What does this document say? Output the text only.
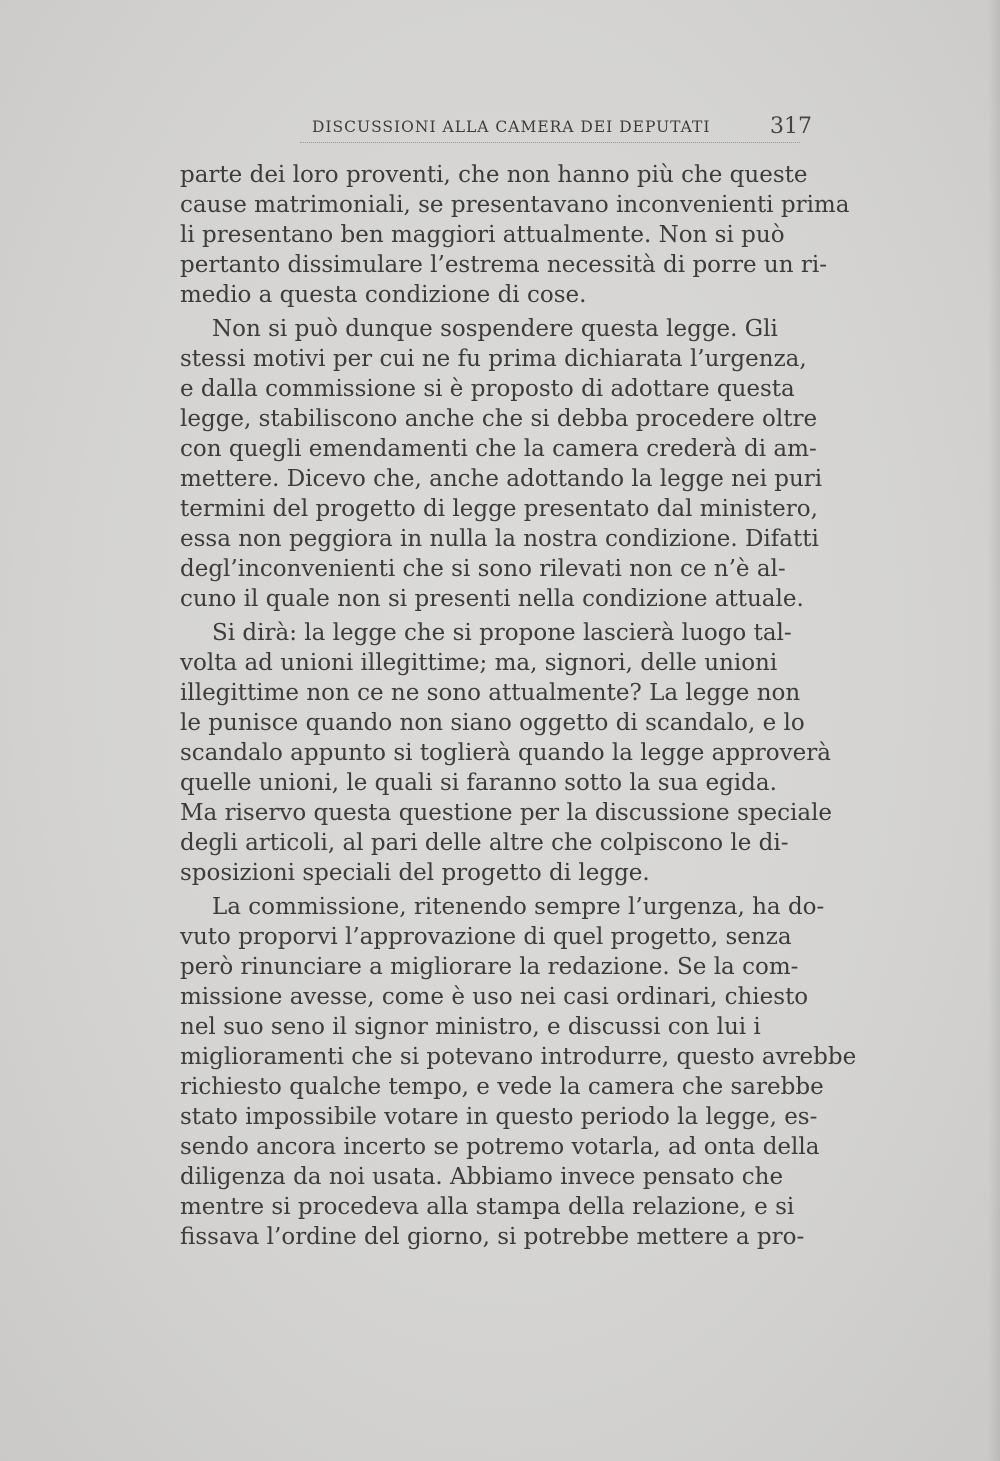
DISCUSSIONI ALLA CAMERA DEI DEPUTATI	317
parte dei loro proventi, che non hanno più che queste
cause matrimoniali, se presentavano inconvenienti prima
li presentano ben maggiori attualmente. Non si può
pertanto dissimulare l’estrema necessità di porre un ri-
medio a questa condizione di cose.
Non si può dunque sospendere questa legge. Gli
stessi motivi per cui ne fu prima dichiarata l’urgenza,
e dalla commissione si è proposto di adottare questa
legge, stabiliscono anche che si debba procedere oltre
con quegli emendamenti che la camera crederà di am-
mettere. Dicevo che, anche adottando la legge nei puri
termini del progetto di legge presentato dal ministero,
essa non peggiora in nulla la nostra condizione. Difatti
degl’inconvenienti che si sono rilevati non ce n’è al-
cuno il quale non si presenti nella condizione attuale.
Si dirà: la legge che si propone lascierà luogo tal-
volta ad unioni illegittime; ma, signori, delle unioni
illegittime non ce ne sono attualmente? La legge non
le punisce quando non siano oggetto di scandalo, e lo
scandalo appunto si toglierà quando la legge approverà
quelle unioni, le quali si faranno sotto la sua egida.
Ma riservo questa questione per la discussione speciale
degli articoli, al pari delle altre che colpiscono le di-
sposizioni speciali del progetto di legge.
La commissione, ritenendo sempre l’urgenza, ha do-
vuto proporvi l’approvazione di quel progetto, senza
però rinunciare a migliorare la redazione. Se la com-
missione avesse, come è uso nei casi ordinari, chiesto
nel suo seno il signor ministro, e discussi con lui i
miglioramenti che si potevano introdurre, questo avrebbe
richiesto qualche tempo, e vede la camera che sarebbe
stato impossibile votare in questo periodo la legge, es-
sendo ancora incerto se potremo votarla, ad onta della
diligenza da noi usata. Abbiamo invece pensato che
mentre si procedeva alla stampa della relazione, e si
fissava l’ordine del giorno, si potrebbe mettere a pro-
